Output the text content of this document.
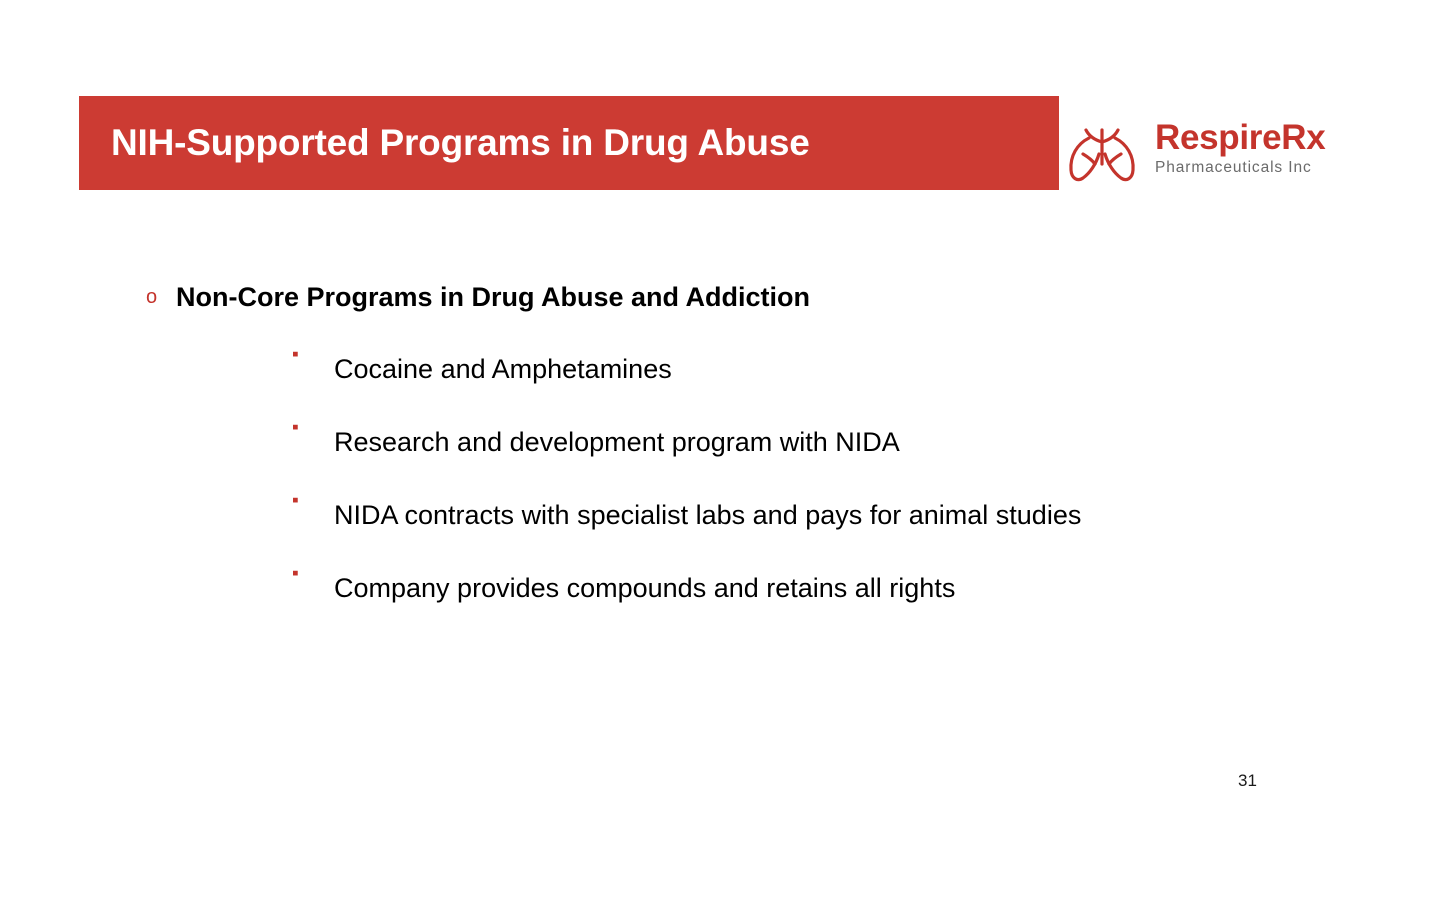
NIH-Supported Programs in Drug Abuse	RespireRx
Pharmaceuticals Inc
o Non-Core Programs in Drug Abuse and Addiction
▪	Cocaine and Amphetamines
▪	Research and development program with NIDA
▪	NIDA contracts with specialist labs and pays for animal studies
▪	Company provides compounds and retains all rights
31
